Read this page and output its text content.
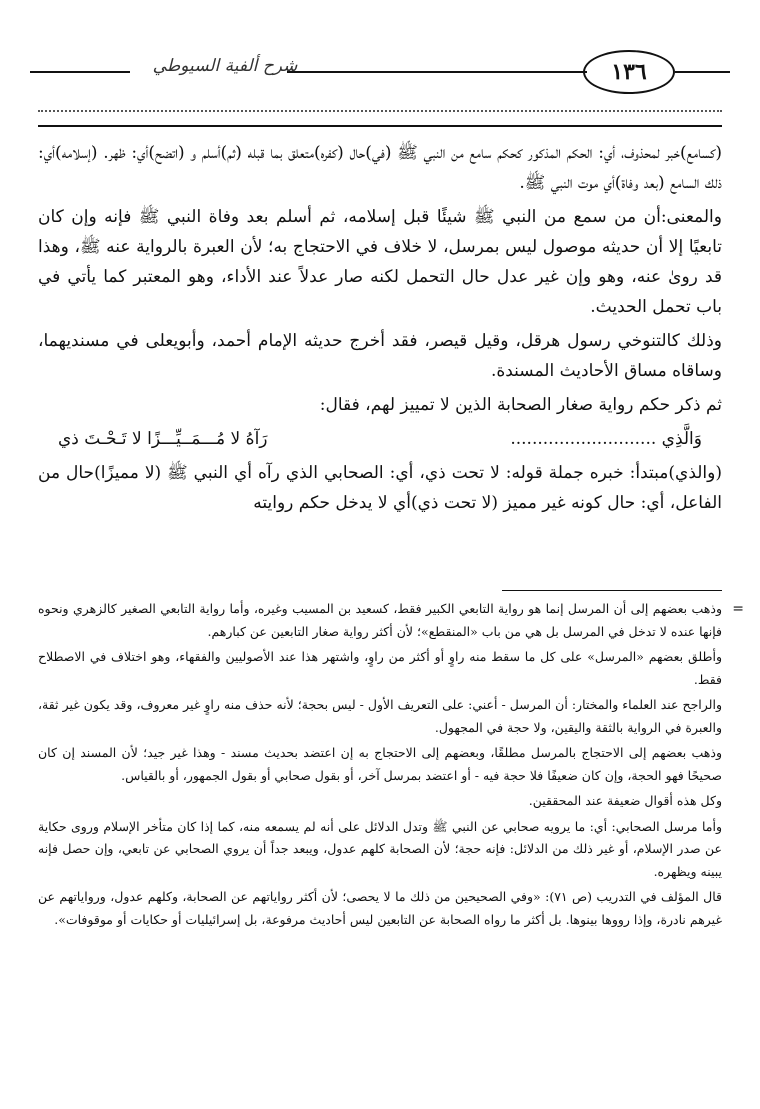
١٣٦
شرح ألفية السيوطي

(كسامع)خبر لمحذوف، أي: الحكم المذكور كحكم سامع من النبي ﷺ (في)حال (كفره)متعلق بما قبله (ثم)أسلم و (اتضح)أي: ظهر. (إسلامه)أي: ذلك السامع (بعد وفاة)أي موت النبي ﷺ.

والمعنى:أن من سمع من النبي ﷺ شيئًا قبل إسلامه، ثم أسلم بعد وفاة النبي ﷺ فإنه وإن كان تابعيًا إلا أن حديثه موصول ليس بمرسل، لا خلاف في الاحتجاج به؛ لأن العبرة بالرواية عنه ﷺ، وهذا قد روىٰ عنه، وهو وإن غير عدل حال التحمل لكنه صار عدلاً عند الأداء، وهو المعتبر كما يأتي في باب تحمل الحديث.

وذلك كالتنوخي رسول هرقل، وقيل قيصر، فقد أخرج حديثه الإمام أحمد، وأبويعلى في مسنديهما، وساقاه مساق الأحاديث المسندة.

ثم ذكر حكم رواية صغار الصحابة الذين لا تمييز لهم، فقال:

وَالَّذِي ...........................
رَآهُ لا مُـــمَــيِّـــزًا لا تَـحْـتَ ذي

(والذي)مبتدأ: خبره جملة قوله: لا تحت ذي، أي: الصحابي الذي رآه أي النبي ﷺ (لا مميزًا)حال من الفاعل، أي: حال كونه غير مميز (لا تحت ذي)أي لا يدخل حكم روايته

=

وذهب بعضهم إلى أن المرسل إنما هو رواية التابعي الكبير فقط، كسعيد بن المسيب وغيره، وأما رواية التابعي الصغير كالزهري ونحوه فإنها عنده لا تدخل في المرسل بل هي من باب «المنقطع»؛ لأن أكثر رواية صغار التابعين عن كبارهم.

وأطلق بعضهم «المرسل» على كل ما سقط منه راوٍ أو أكثر من راوٍ، واشتهر هذا عند الأصوليين والفقهاء، وهو اختلاف في الاصطلاح فقط.

والراجح عند العلماء والمختار: أن المرسل - أعني: على التعريف الأول - ليس بحجة؛ لأنه حذف منه راوٍ غير معروف، وقد يكون غير ثقة، والعبرة في الرواية بالثقة واليقين، ولا حجة في المجهول.

وذهب بعضهم إلى الاحتجاج بالمرسل مطلقًا، وبعضهم إلى الاحتجاج به إن اعتضد بحديث مسند - وهذا غير جيد؛ لأن المسند إن كان صحيحًا فهو الحجة، وإن كان ضعيفًا فلا حجة فيه - أو اعتضد بمرسل آخر، أو بقول صحابي أو بقول الجمهور، أو بالقياس.

وكل هذه أقوال ضعيفة عند المحققين.

وأما مرسل الصحابي: أي: ما يرويه صحابي عن النبي ﷺ وتدل الدلائل على أنه لم يسمعه منه، كما إذا كان متأخر الإسلام وروى حكاية عن صدر الإسلام، أو غير ذلك من الدلائل: فإنه حجة؛ لأن الصحابة كلهم عدول، ويبعد جداً أن يروي الصحابي عن تابعي، وإن حصل فإنه يبينه ويظهره.

قال المؤلف في التدريب (ص ٧١): «وفي الصحيحين من ذلك ما لا يحصى؛ لأن أكثر رواياتهم عن الصحابة، وكلهم عدول، ورواياتهم عن غيرهم نادرة، وإذا رووها بينوها. بل أكثر ما رواه الصحابة عن التابعين ليس أحاديث مرفوعة، بل إسرائيليات أو حكايات أو موقوفات».
